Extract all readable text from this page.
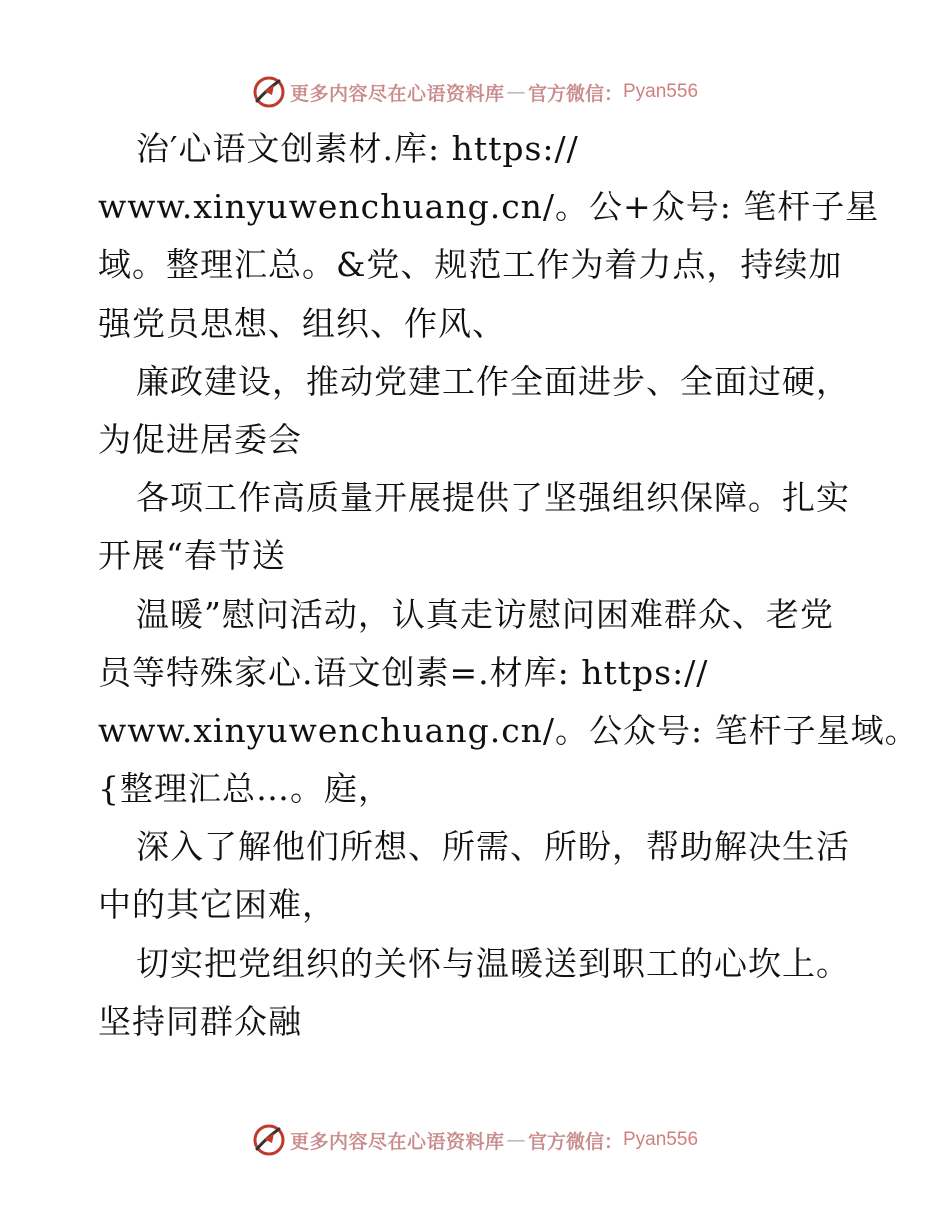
更多内容尽在心语资料库 — 官方微信： Pyan556
治′心语文创素材.库: https://
www.xinyuwenchuang.cn/。公+众号: 笔杆子星
域。整理汇总。&党、规范工作为着力点，持续加
强党员思想、组织、作风、
廉政建设，推动党建工作全面进步、全面过硬，
为促进居委会
各项工作高质量开展提供了坚强组织保障。扎实
开展“春节送
温暖”慰问活动，认真走访慰问困难群众、老党
员等特殊家心.语文创素=.材库: https://
www.xinyuwenchuang.cn/。公众号: 笔杆子星域。
{整理汇总…。庭，
深入了解他们所想、所需、所盼，帮助解决生活
中的其它困难，
切实把党组织的关怀与温暖送到职工的心坎上。
坚持同群众融
更多内容尽在心语资料库 — 官方微信： Pyan556
